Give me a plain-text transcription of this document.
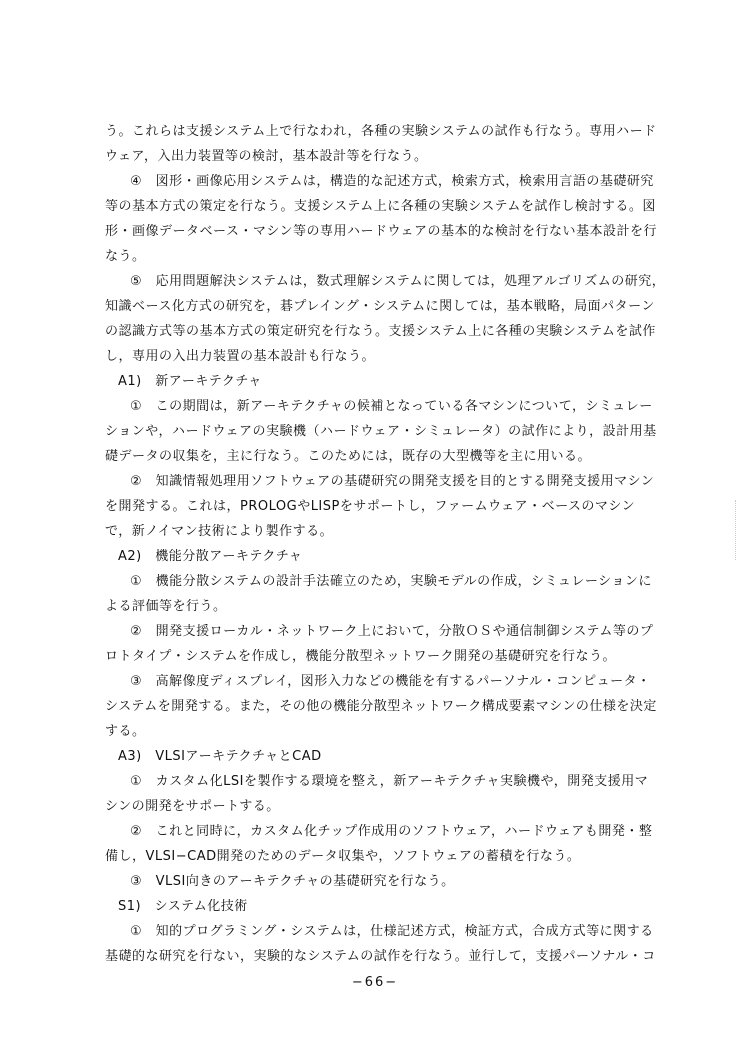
う。これらは支援システム上で行なわれ，各種の実験システムの試作も行なう。専用ハード
ウェア，入出力装置等の検討，基本設計等を行なう。
④　図形・画像応用システムは，構造的な記述方式，検索方式，検索用言語の基礎研究
等の基本方式の策定を行なう。支援システム上に各種の実験システムを試作し検討する。図
形・画像データベース・マシン等の専用ハードウェアの基本的な検討を行ない基本設計を行
なう。
⑤　応用問題解決システムは，数式理解システムに関しては，処理アルゴリズムの研究，
知識ベース化方式の研究を，碁プレイング・システムに関しては，基本戦略，局面パターン
の認識方式等の基本方式の策定研究を行なう。支援システム上に各種の実験システムを試作
し，専用の入出力装置の基本設計も行なう。
A1)　新アーキテクチャ
①　この期間は，新アーキテクチャの候補となっている各マシンについて，シミュレー
ションや，ハードウェアの実験機（ハードウェア・シミュレータ）の試作により，設計用基
礎データの収集を，主に行なう。このためには，既存の大型機等を主に用いる。
②　知識情報処理用ソフトウェアの基礎研究の開発支援を目的とする開発支援用マシン
を開発する。これは，PROLOGやLISPをサポートし，ファームウェア・ベースのマシン
で，新ノイマン技術により製作する。
A2)　機能分散アーキテクチャ
①　機能分散システムの設計手法確立のため，実験モデルの作成，シミュレーションに
よる評価等を行う。
②　開発支援ローカル・ネットワーク上において，分散ＯＳや通信制御システム等のプ
ロトタイプ・システムを作成し，機能分散型ネットワーク開発の基礎研究を行なう。
③　高解像度ディスプレイ，図形入力などの機能を有するパーソナル・コンピュータ・
システムを開発する。また，その他の機能分散型ネットワーク構成要素マシンの仕様を決定
する。
A3)　VLSIアーキテクチャとCAD
①　カスタム化LSIを製作する環境を整え，新アーキテクチャ実験機や，開発支援用マ
シンの開発をサポートする。
②　これと同時に，カスタム化チップ作成用のソフトウェア，ハードウェアも開発・整
備し，VLSI−CAD開発のためのデータ収集や，ソフトウェアの蓄積を行なう。
③　VLSI向きのアーキテクチャの基礎研究を行なう。
S1)　システム化技術
①　知的プログラミング・システムは，仕様記述方式，検証方式，合成方式等に関する
基礎的な研究を行ない，実験的なシステムの試作を行なう。並行して，支援パーソナル・コ
−66−
